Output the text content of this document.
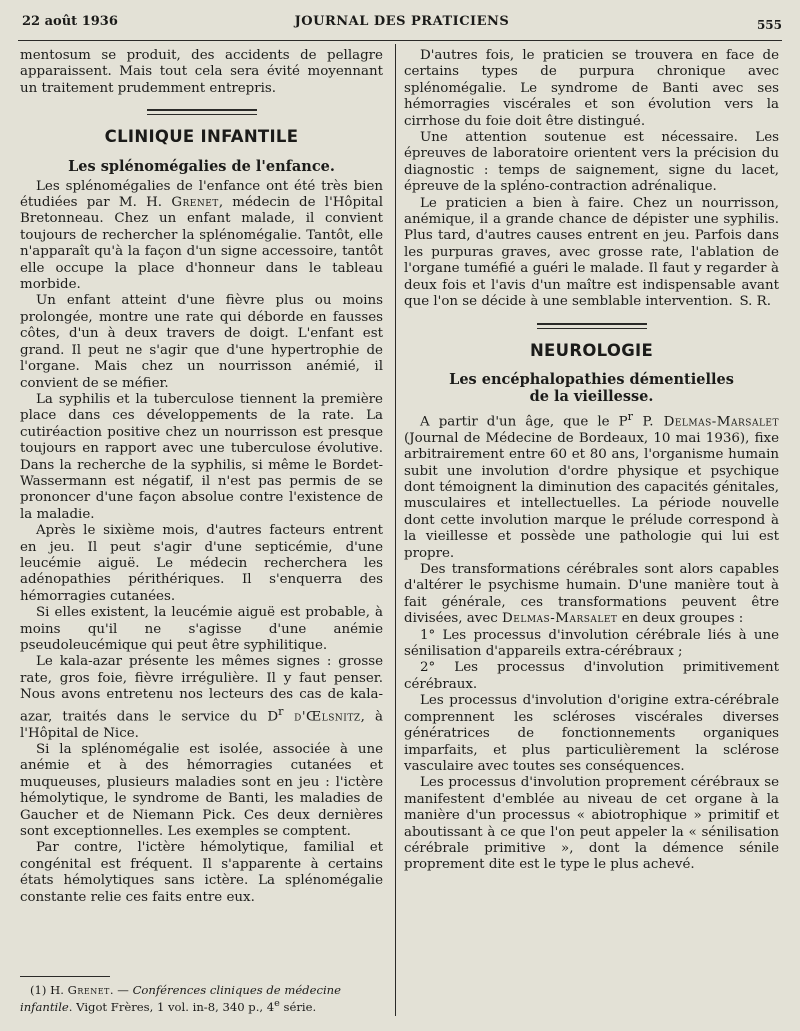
22 août 1936	JOURNAL DES PRATICIENS	555

mentosum se produit, des accidents de pellagre apparaissent. Mais tout cela sera évité moyennant un traitement prudemment entrepris.

CLINIQUE INFANTILE
Les splénomégalies de l'enfance.

Les splénomégalies de l'enfance ont été très bien étudiées par M. H. Grenet, médecin de l'Hôpital Bretonneau. Chez un enfant malade, il convient toujours de rechercher la splénomégalie. Tantôt, elle n'apparaît qu'à la façon d'un signe accessoire, tantôt elle occupe la place d'honneur dans le tableau morbide.

Un enfant atteint d'une fièvre plus ou moins prolongée, montre une rate qui déborde en fausses côtes, d'un à deux travers de doigt. L'enfant est grand. Il peut ne s'agir que d'une hypertrophie de l'organe. Mais chez un nourrisson anémié, il convient de se méfier.

La syphilis et la tuberculose tiennent la première place dans ces développements de la rate. La cutiréaction positive chez un nourrisson est presque toujours en rapport avec une tuberculose évolutive. Dans la recherche de la syphilis, si même le Bordet-Wassermann est négatif, il n'est pas permis de se prononcer d'une façon absolue contre l'existence de la maladie.

Après le sixième mois, d'autres facteurs entrent en jeu. Il peut s'agir d'une septicémie, d'une leucémie aiguë. Le médecin recherchera les adénopathies périthériques. Il s'enquerra des hémorragies cutanées.

Si elles existent, la leucémie aiguë est probable, à moins qu'il ne s'agisse d'une anémie pseudoleucémique qui peut être syphilitique.

Le kala-azar présente les mêmes signes : grosse rate, gros foie, fièvre irrégulière. Il y faut penser. Nous avons entretenu nos lecteurs des cas de kala-azar, traités dans le service du $D^r$ d'Œlsnitz, à l'Hôpital de Nice.

Si la splénomégalie est isolée, associée à une anémie et à des hémorragies cutanées et muqueuses, plusieurs maladies sont en jeu : l'ictère hémolytique, le syndrome de Banti, les maladies de Gaucher et de Niemann Pick. Ces deux dernières sont exceptionnelles. Les exemples se comptent.

Par contre, l'ictère hémolytique, familial et congénital est fréquent. Il s'apparente à certains états hémolytiques sans ictère. La splénomégalie constante relie ces faits entre eux.

(1) H. Grenet. — Conférences cliniques de médecine infantile. Vigot Frères, 1 vol. in-8, 340 p., 4e série.

D'autres fois, le praticien se trouvera en face de certains types de purpura chronique avec splénomégalie. Le syndrome de Banti avec ses hémorragies viscérales et son évolution vers la cirrhose du foie doit être distingué.

Une attention soutenue est nécessaire. Les épreuves de laboratoire orientent vers la précision du diagnostic : temps de saignement, signe du lacet, épreuve de la spléno-contraction adrénalique.

Le praticien a bien à faire. Chez un nourrisson, anémique, il a grande chance de dépister une syphilis. Plus tard, d'autres causes entrent en jeu. Parfois dans les purpuras graves, avec grosse rate, l'ablation de l'organe tuméfié a guéri le malade. Il faut y regarder à deux fois et l'avis d'un maître est indispensable avant que l'on se décide à une semblable intervention. S. R.

NEUROLOGIE
Les encéphalopathies démentielles
de la vieillesse.

A partir d'un âge, que le $P^r$ P. Delmas-Marsalet (Journal de Médecine de Bordeaux, 10 mai 1936), fixe arbitrairement entre 60 et 80 ans, l'organisme humain subit une involution d'ordre physique et psychique dont témoignent la diminution des capacités génitales, musculaires et intellectuelles. La période nouvelle dont cette involution marque le prélude correspond à la vieillesse et possède une pathologie qui lui est propre.

Des transformations cérébrales sont alors capables d'altérer le psychisme humain. D'une manière tout à fait générale, ces transformations peuvent être divisées, avec Delmas-Marsalet en deux groupes :

1° Les processus d'involution cérébrale liés à une sénilisation d'appareils extra-cérébraux ;

2° Les processus d'involution primitivement cérébraux.

Les processus d'involution d'origine extra-cérébrale comprennent les scléroses viscérales diverses génératrices de fonctionnements organiques imparfaits, et plus particulièrement la sclérose vasculaire avec toutes ses conséquences.

Les processus d'involution proprement cérébraux se manifestent d'emblée au niveau de cet organe à la manière d'un processus « abiotrophique » primitif et aboutissant à ce que l'on peut appeler la « sénilisation cérébrale primitive », dont la démence sénile proprement dite est le type le plus achevé.
